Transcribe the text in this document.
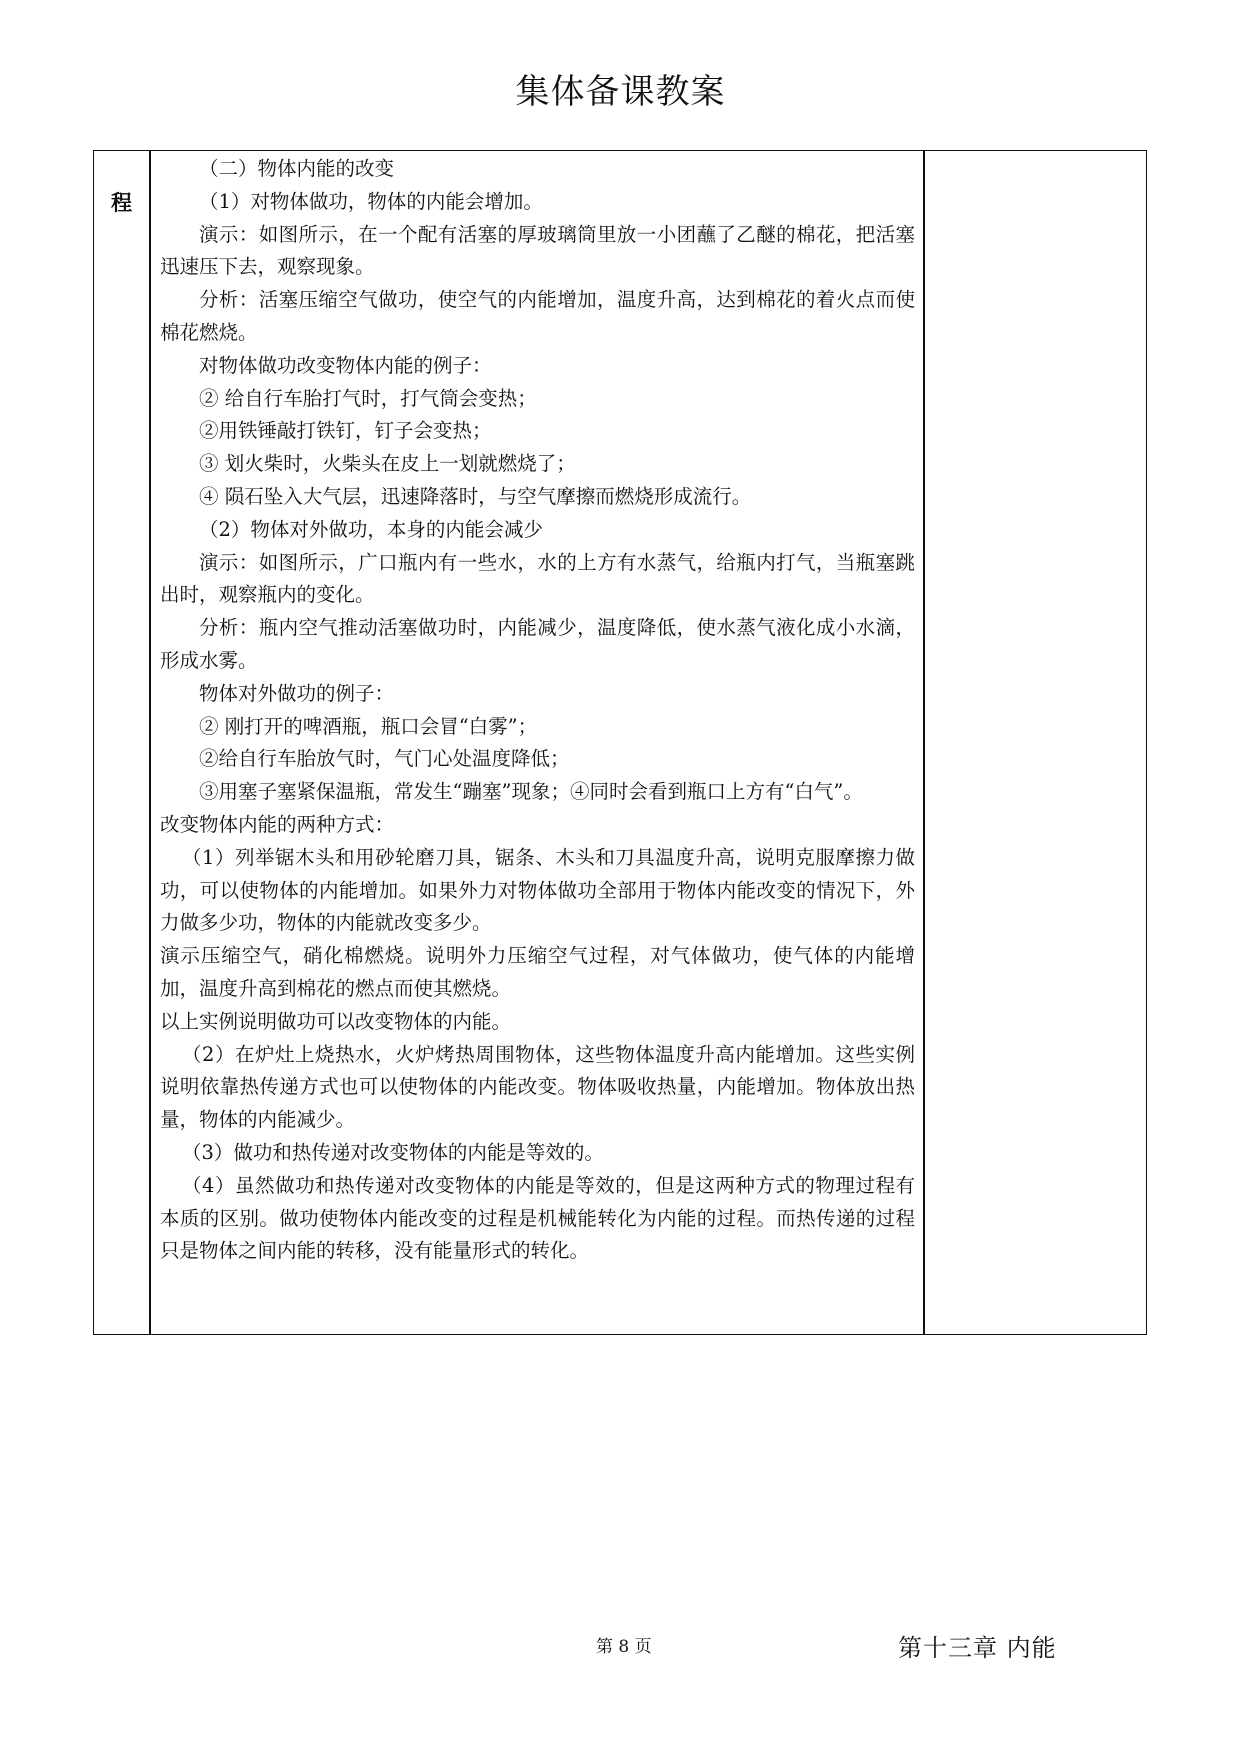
集体备课教案
程

（二）物体内能的改变

（1）对物体做功，物体的内能会增加。

演示：如图所示，在一个配有活塞的厚玻璃筒里放一小团蘸了乙醚的棉花，把活塞迅速压下去，观察现象。

分析：活塞压缩空气做功，使空气的内能增加，温度升高，达到棉花的着火点而使棉花燃烧。

对物体做功改变物体内能的例子：

② 给自行车胎打气时，打气筒会变热；

②用铁锤敲打铁钉，钉子会变热；

③ 划火柴时，火柴头在皮上一划就燃烧了；

④ 陨石坠入大气层，迅速降落时，与空气摩擦而燃烧形成流行。

（2）物体对外做功，本身的内能会减少

演示：如图所示，广口瓶内有一些水，水的上方有水蒸气，给瓶内打气，当瓶塞跳出时，观察瓶内的变化。

分析：瓶内空气推动活塞做功时，内能减少，温度降低，使水蒸气液化成小水滴，形成水雾。

物体对外做功的例子：

② 刚打开的啤酒瓶，瓶口会冒“白雾”；

②给自行车胎放气时，气门心处温度降低；

③用塞子塞紧保温瓶，常发生“蹦塞”现象；④同时会看到瓶口上方有“白气”。

改变物体内能的两种方式：

（1）列举锯木头和用砂轮磨刀具，锯条、木头和刀具温度升高，说明克服摩擦力做功，可以使物体的内能增加。如果外力对物体做功全部用于物体内能改变的情况下，外力做多少功，物体的内能就改变多少。

演示压缩空气，硝化棉燃烧。说明外力压缩空气过程，对气体做功，使气体的内能增加，温度升高到棉花的燃点而使其燃烧。

以上实例说明做功可以改变物体的内能。

（2）在炉灶上烧热水，火炉烤热周围物体，这些物体温度升高内能增加。这些实例说明依靠热传递方式也可以使物体的内能改变。物体吸收热量，内能增加。物体放出热量，物体的内能减少。

（3）做功和热传递对改变物体的内能是等效的。

（4）虽然做功和热传递对改变物体的内能是等效的，但是这两种方式的物理过程有本质的区别。做功使物体内能改变的过程是机械能转化为内能的过程。而热传递的过程只是物体之间内能的转移，没有能量形式的转化。

第 8 页	第十三章 内能
